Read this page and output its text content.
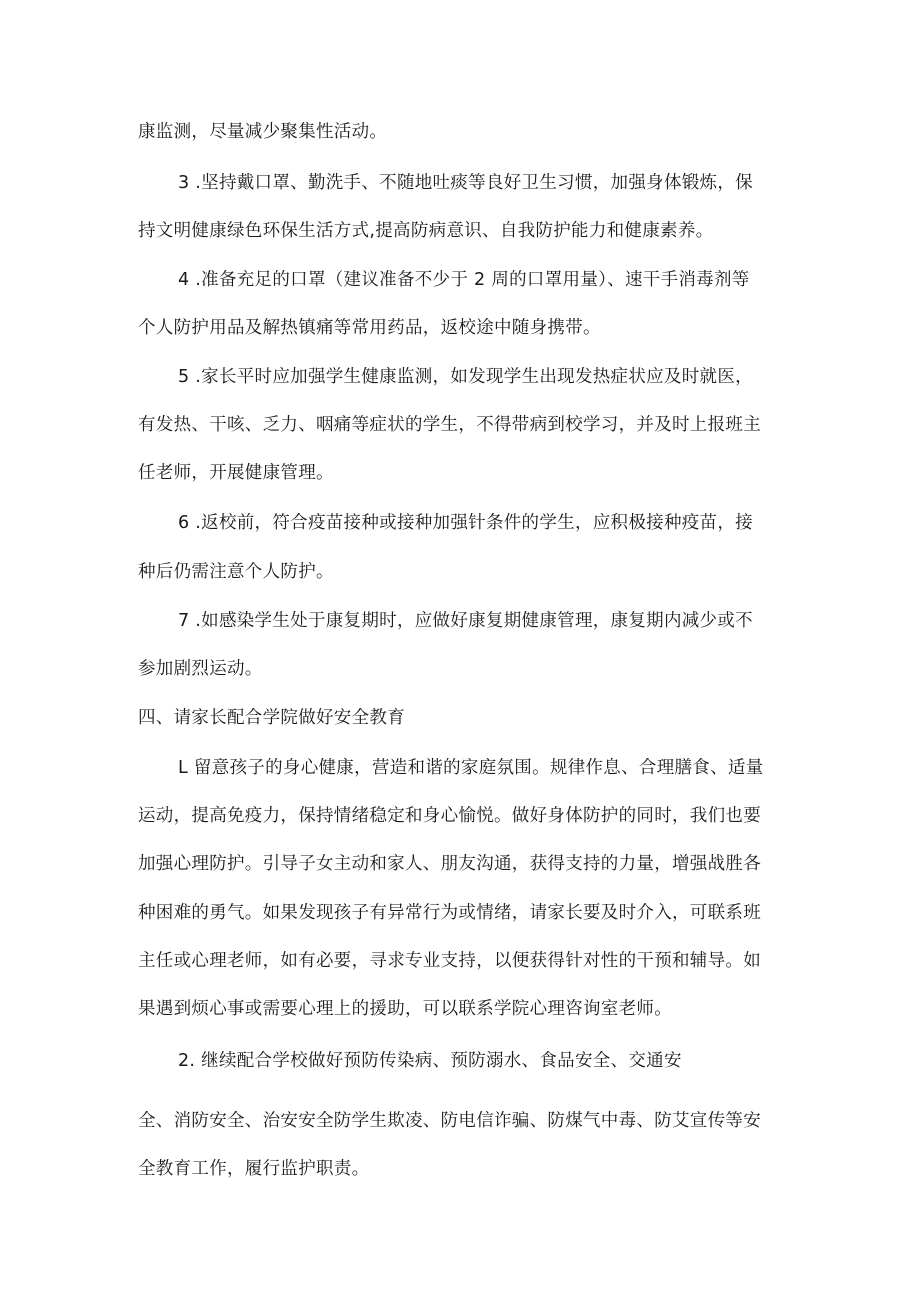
康监测，尽量减少聚集性活动。
3 .坚持戴口罩、勤洗手、不随地吐痰等良好卫生习惯，加强身体锻炼，保
持文明健康绿色环保生活方式,提高防病意识、自我防护能力和健康素养。
4 .准备充足的口罩（建议准备不少于 2 周的口罩用量）、速干手消毒剂等
个人防护用品及解热镇痛等常用药品，返校途中随身携带。
5 .家长平时应加强学生健康监测，如发现学生出现发热症状应及时就医，
有发热、干咳、乏力、咽痛等症状的学生，不得带病到校学习，并及时上报班主
任老师，开展健康管理。
6 .返校前，符合疫苗接种或接种加强针条件的学生，应积极接种疫苗，接
种后仍需注意个人防护。
7 .如感染学生处于康复期时，应做好康复期健康管理，康复期内减少或不
参加剧烈运动。
四、请家长配合学院做好安全教育
L 留意孩子的身心健康，营造和谐的家庭氛围。规律作息、合理膳食、适量
运动，提高免疫力，保持情绪稳定和身心愉悦。做好身体防护的同时，我们也要
加强心理防护。引导子女主动和家人、朋友沟通，获得支持的力量，增强战胜各
种困难的勇气。如果发现孩子有异常行为或情绪，请家长要及时介入，可联系班
主任或心理老师，如有必要，寻求专业支持，以便获得针对性的干预和辅导。如
果遇到烦心事或需要心理上的援助，可以联系学院心理咨询室老师。
2. 继续配合学校做好预防传染病、预防溺水、食品安全、交通安
全、消防安全、治安安全防学生欺凌、防电信诈骗、防煤气中毒、防艾宣传等安
全教育工作，履行监护职责。
